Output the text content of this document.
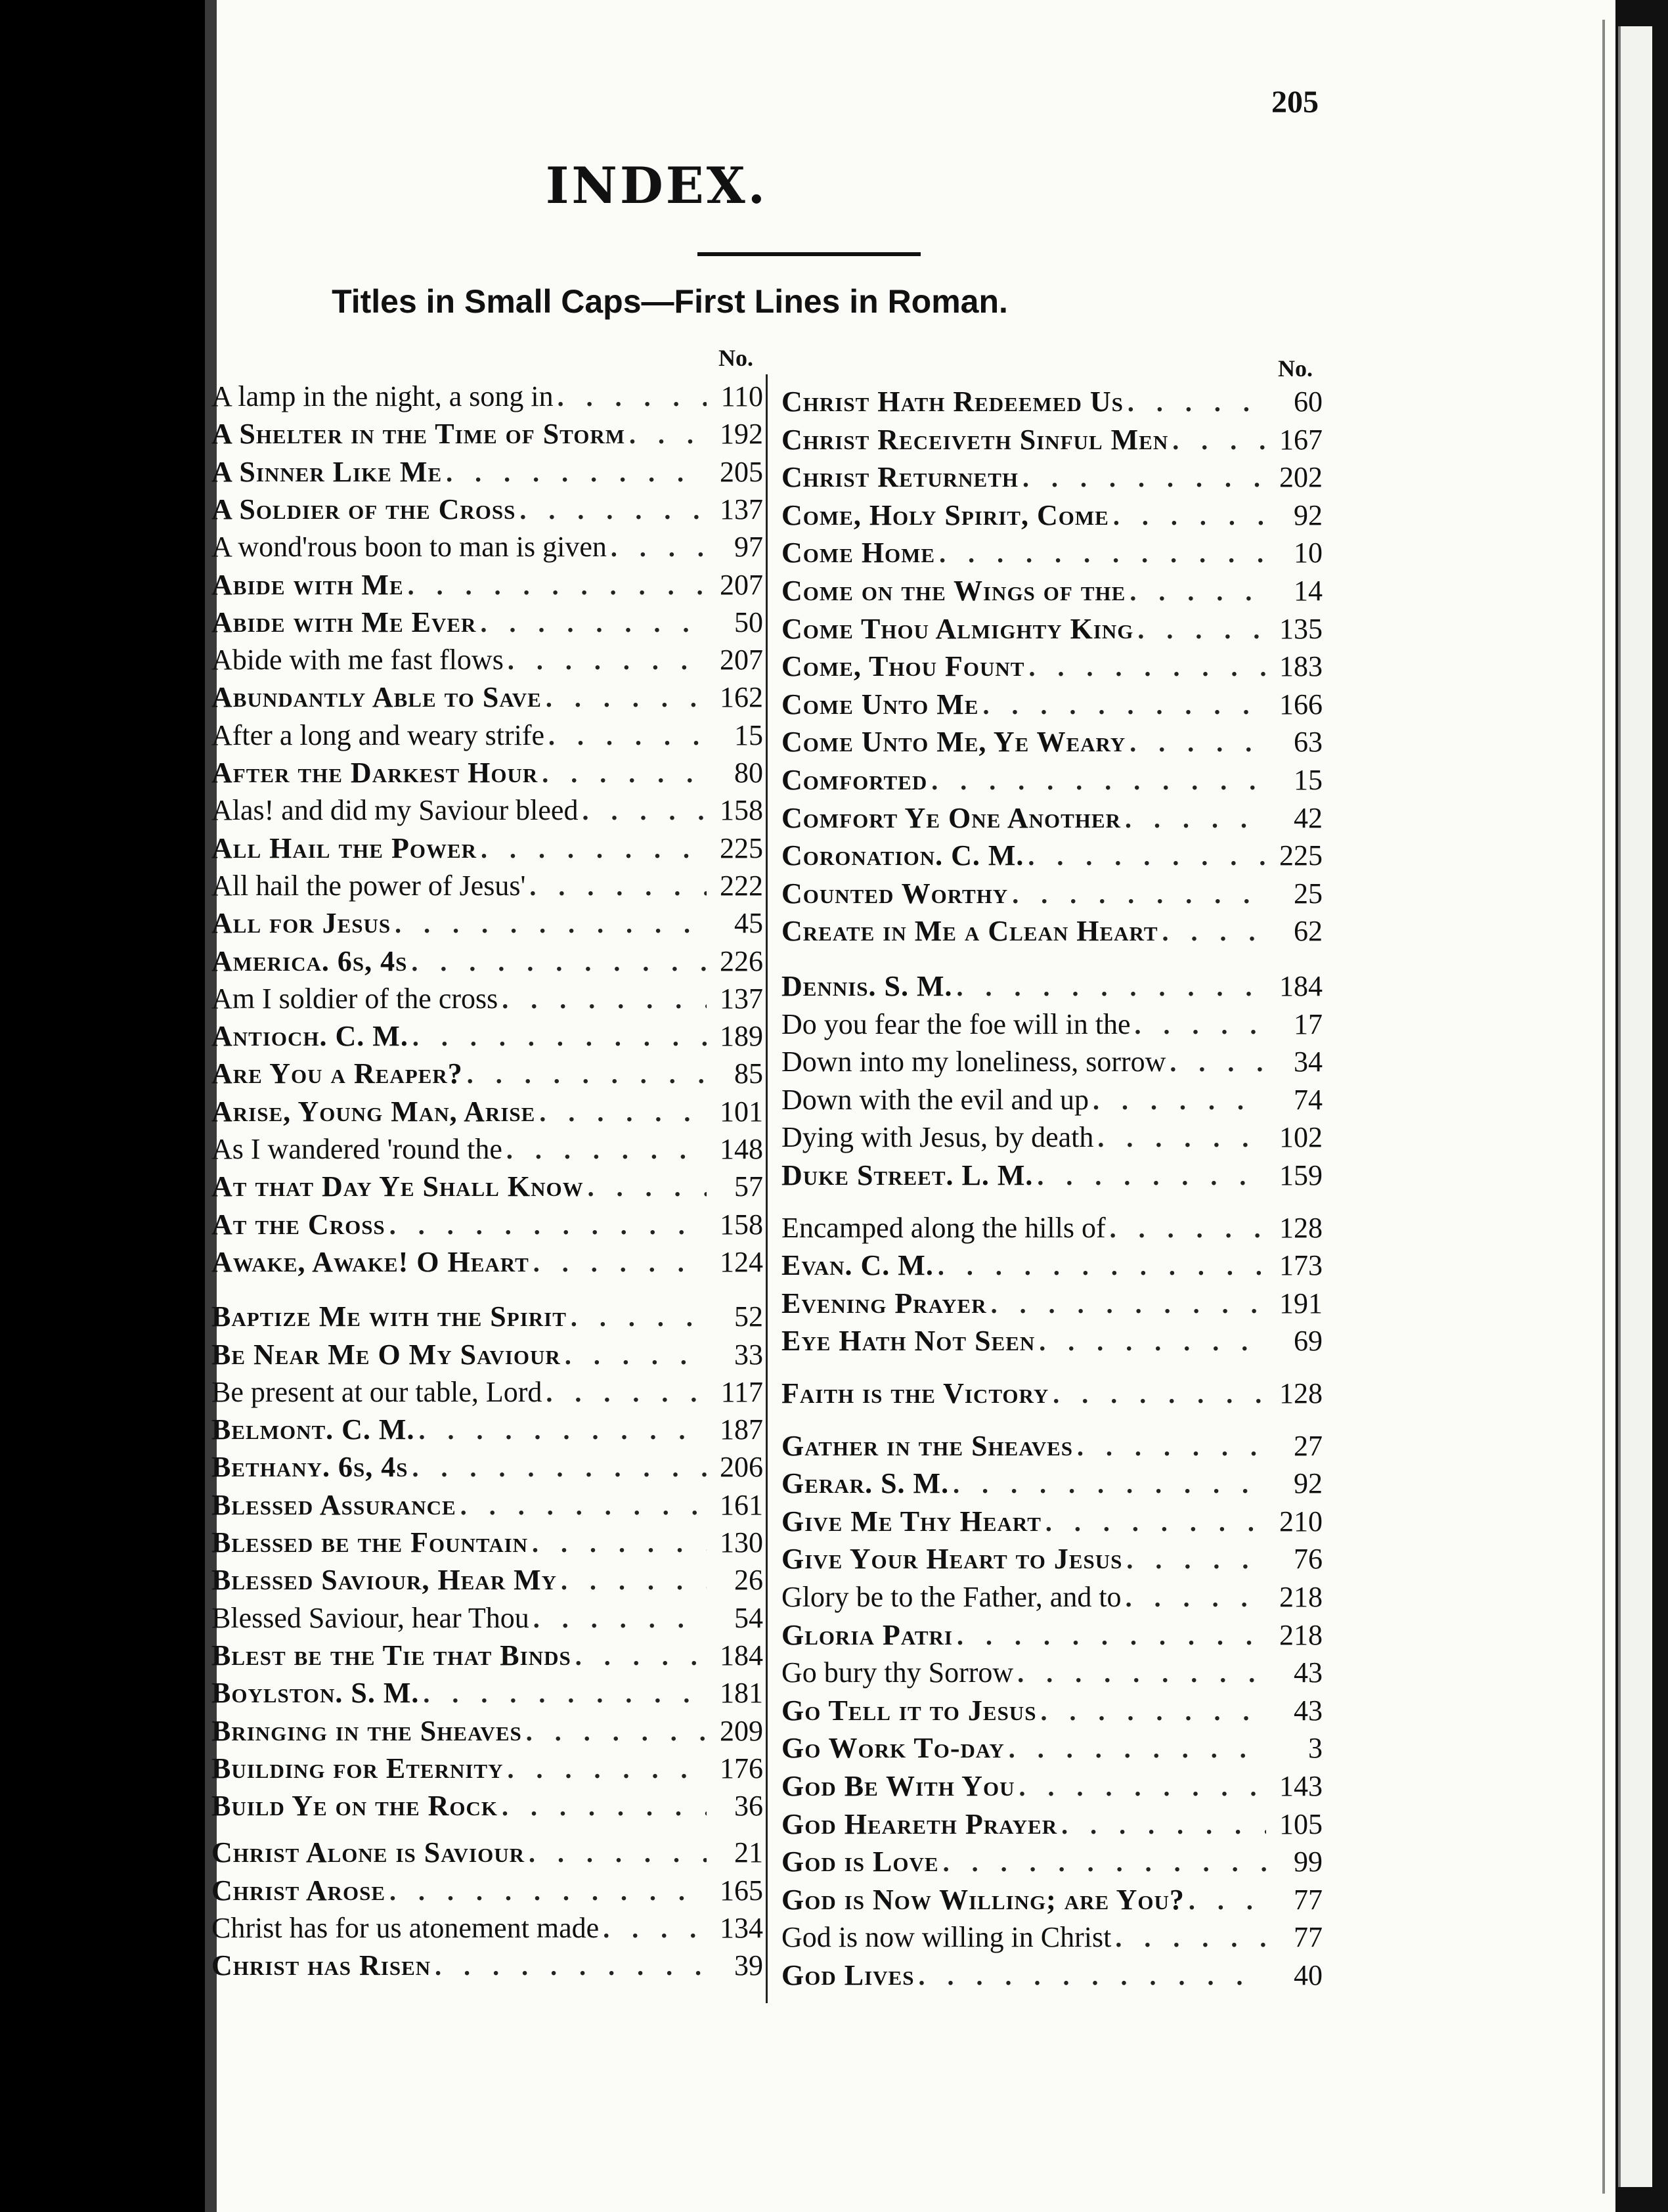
205
INDEX.
Titles in Small Caps—First Lines in Roman.
No.	No.
A lamp in the night, a song in . . .	110
A Shelter in the Time of Storm . . .	192
A Sinner Like Me . . .	205
A Soldier of the Cross . . .	137
A wond'rous boon to man is given . . .	97
Abide with Me . . .	207
Abide with Me Ever . . .	50
Abide with me fast flows . . .	207
Abundantly Able to Save . . .	162
After a long and weary strife . . .	15
After the Darkest Hour . . .	80
Alas! and did my Saviour bleed . . .	158
All Hail the Power . . .	225
All hail the power of Jesus' . . .	222
All for Jesus . . .	45
America. 6s, 4s . . .	226
Am I soldier of the cross . . .	137
Antioch. C. M. . . .	189
Are You a Reaper? . . .	85
Arise, Young Man, Arise . . .	101
As I wandered 'round the . . .	148
At that Day Ye Shall Know . . .	57
At the Cross . . .	158
Awake, Awake! O Heart . . .	124
Baptize Me with the Spirit . . .	52
Be Near Me O My Saviour . . .	33
Be present at our table, Lord . . .	117
Belmont. C. M. . . .	187
Bethany. 6s, 4s . . .	206
Blessed Assurance . . .	161
Blessed be the Fountain . . .	130
Blessed Saviour, Hear My . . .	26
Blessed Saviour, hear Thou . . .	54
Blest be the Tie that Binds . . .	184
Boylston. S. M. . . .	181
Bringing in the Sheaves . . .	209
Building for Eternity . . .	176
Build Ye on the Rock . . .	36
Christ Alone is Saviour . . .	21
Christ Arose . . .	165
Christ has for us atonement made . . .	134
Christ has Risen . . .	39
Christ Hath Redeemed Us . . .	60
Christ Receiveth Sinful Men . . .	167
Christ Returneth . . .	202
Come, Holy Spirit, Come . . .	92
Come Home . . .	10
Come on the Wings of the . . .	14
Come Thou Almighty King . . .	135
Come, Thou Fount . . .	183
Come Unto Me . . .	166
Come Unto Me, Ye Weary . . .	63
Comforted . . .	15
Comfort Ye One Another . . .	42
Coronation. C. M. . . .	225
Counted Worthy . . .	25
Create in Me a Clean Heart . . .	62
Dennis. S. M. . . .	184
Do you fear the foe will in the . . .	17
Down into my loneliness, sorrow . . .	34
Down with the evil and up . . .	74
Dying with Jesus, by death . . .	102
Duke Street. L. M. . . .	159
Encamped along the hills of . . .	128
Evan. C. M. . . .	173
Evening Prayer . . .	191
Eye Hath Not Seen . . .	69
Faith is the Victory . . .	128
Gather in the Sheaves . . .	27
Gerar. S. M. . . .	92
Give Me Thy Heart . . .	210
Give Your Heart to Jesus . . .	76
Glory be to the Father, and to . . .	218
Gloria Patri . . .	218
Go bury thy Sorrow . . .	43
Go Tell it to Jesus . . .	43
Go Work To-day . . .	3
God Be With You . . .	143
God Heareth Prayer . . .	105
God is Love . . .	99
God is Now Willing; are You? . . .	77
God is now willing in Christ . . .	77
God Lives . . .	40
